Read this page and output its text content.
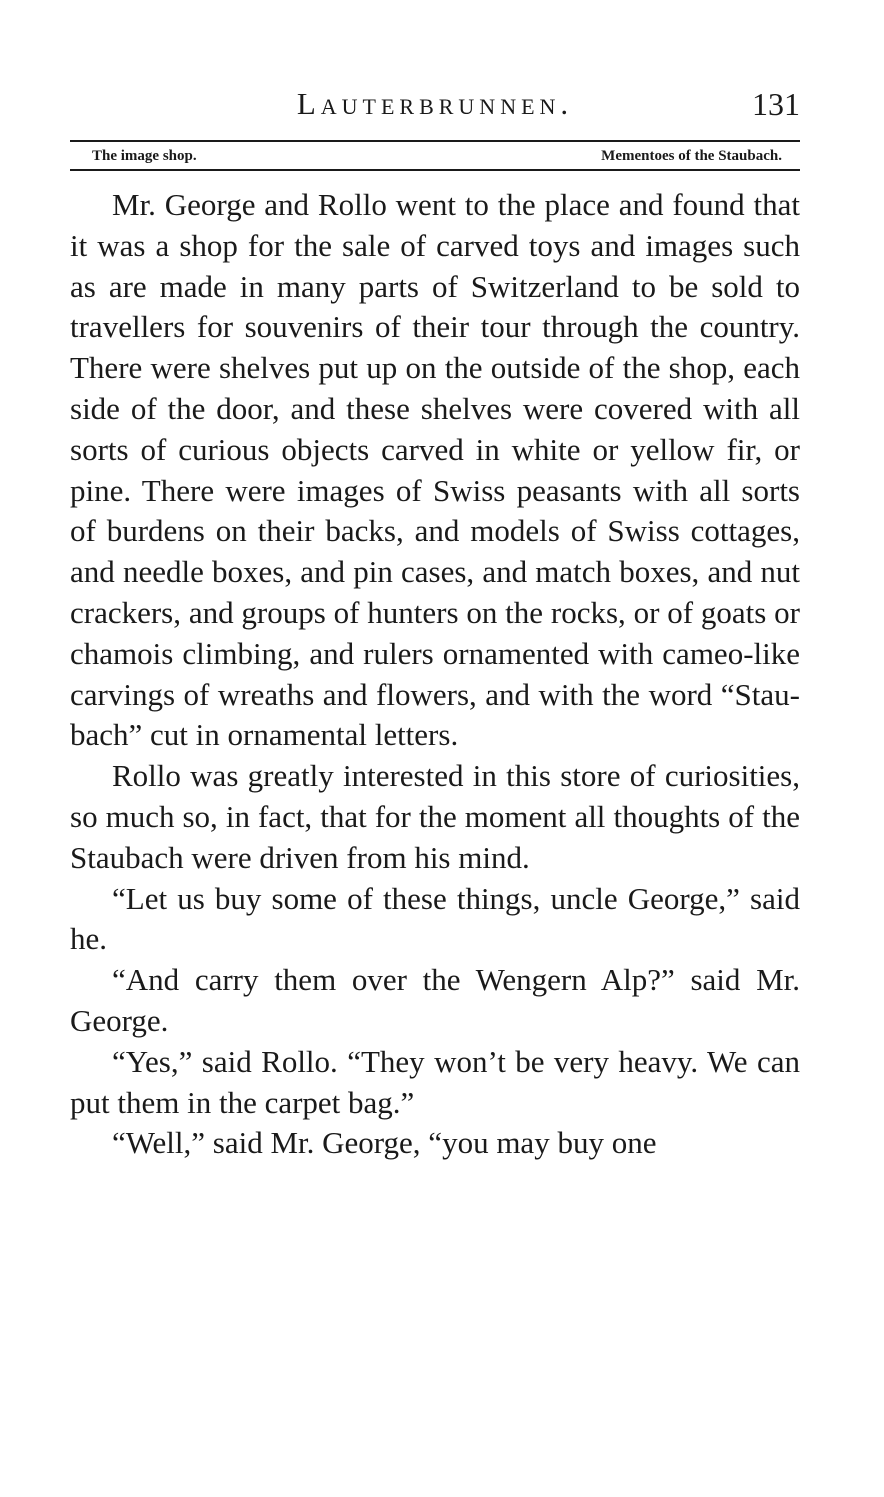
Lauterbrunnen.	131
The image shop.	Mementoes of the Staubach.

Mr. George and Rollo went to the place and found that it was a shop for the sale of carved toys and images such as are made in many parts of Switzerland to be sold to travellers for souvenirs of their tour through the country. There were shelves put up on the outside of the shop, each side of the door, and these shelves were covered with all sorts of curious objects carved in white or yellow fir, or pine. There were images of Swiss peasants with all sorts of burdens on their backs, and models of Swiss cottages, and needle boxes, and pin cases, and match boxes, and nut crackers, and groups of hunters on the rocks, or of goats or chamois climbing, and rulers ornamented with cameo-like carvings of wreaths and flowers, and with the word “Staubach” cut in ornamental letters.

Rollo was greatly interested in this store of curiosities, so much so, in fact, that for the moment all thoughts of the Staubach were driven from his mind.

“Let us buy some of these things, uncle George,” said he.

“And carry them over the Wengern Alp?” said Mr. George.

“Yes,” said Rollo. “They won’t be very heavy. We can put them in the carpet bag.”

“Well,” said Mr. George, “you may buy one
